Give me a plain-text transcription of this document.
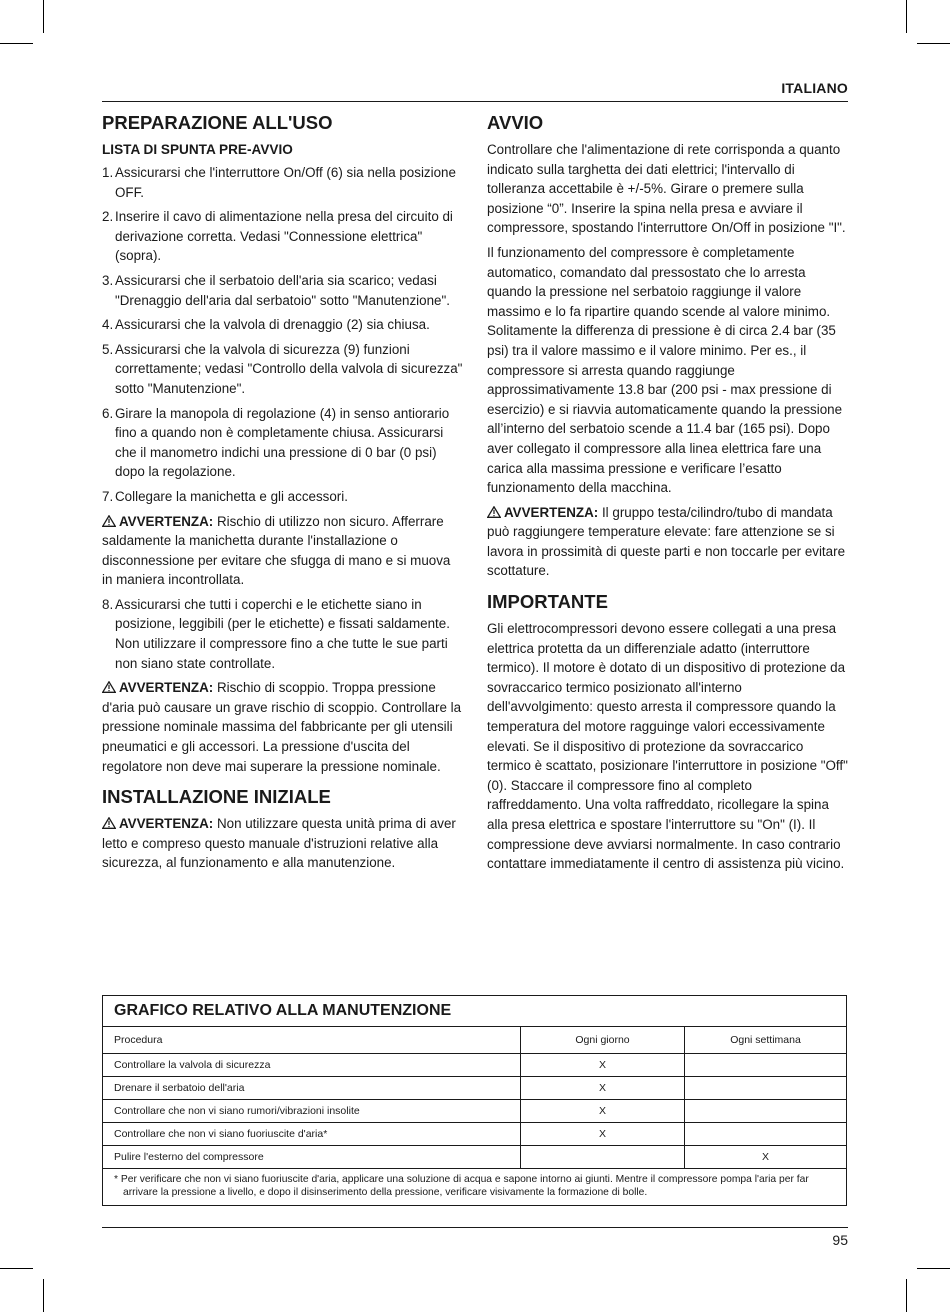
ITALIANO
PREPARAZIONE ALL'USO
LISTA DI SPUNTA PRE-AVVIO
1. Assicurarsi che l'interruttore On/Off (6) sia nella posizione OFF.
2. Inserire il cavo di alimentazione nella presa del circuito di derivazione corretta. Vedasi "Connessione elettrica" (sopra).
3. Assicurarsi che il serbatoio dell'aria sia scarico; vedasi "Drenaggio dell'aria dal serbatoio" sotto "Manutenzione".
4. Assicurarsi che la valvola di drenaggio (2) sia chiusa.
5. Assicurarsi che la valvola di sicurezza (9) funzioni correttamente; vedasi "Controllo della valvola di sicurezza" sotto "Manutenzione".
6. Girare la manopola di regolazione (4) in senso antiorario fino a quando non è completamente chiusa. Assicurarsi che il manometro indichi una pressione di 0 bar (0 psi) dopo la regolazione.
7. Collegare la manichetta e gli accessori.
AVVERTENZA: Rischio di utilizzo non sicuro. Afferrare saldamente la manichetta durante l'installazione o disconnessione per evitare che sfugga di mano e si muova in maniera incontrollata.
8. Assicurarsi che tutti i coperchi e le etichette siano in posizione, leggibili (per le etichette) e fissati saldamente. Non utilizzare il compressore fino a che tutte le sue parti non siano state controllate.
AVVERTENZA: Rischio di scoppio. Troppa pressione d'aria può causare un grave rischio di scoppio. Controllare la pressione nominale massima del fabbricante per gli utensili pneumatici e gli accessori. La pressione d'uscita del regolatore non deve mai superare la pressione nominale.
INSTALLAZIONE INIZIALE
AVVERTENZA: Non utilizzare questa unità prima di aver letto e compreso questo manuale d'istruzioni relative alla sicurezza, al funzionamento e alla manutenzione.
AVVIO

Controllare che l'alimentazione di rete corrisponda a quanto indicato sulla targhetta dei dati elettrici; l'intervallo di tolleranza accettabile è +/-5%. Girare o premere sulla posizione “0”. Inserire la spina nella presa e avviare il compressore, spostando l'interruttore On/Off in posizione "I".

Il funzionamento del compressore è completamente automatico, comandato dal pressostato che lo arresta quando la pressione nel serbatoio raggiunge il valore massimo e lo fa ripartire quando scende al valore minimo. Solitamente la differenza di pressione è di circa 2.4 bar (35 psi) tra il valore massimo e il valore minimo. Per es., il compressore si arresta quando raggiunge approssimativamente 13.8 bar (200 psi - max pressione di esercizio) e si riavvia automaticamente quando la pressione all’interno del serbatoio scende a 11.4 bar (165 psi). Dopo aver collegato il compressore alla linea elettrica fare una carica alla massima pressione e verificare l’esatto funzionamento della macchina.

AVVERTENZA: Il gruppo testa/cilindro/tubo di mandata può raggiungere temperature elevate: fare attenzione se si lavora in prossimità di queste parti e non toccarle per evitare scottature.
IMPORTANTE

Gli elettrocompressori devono essere collegati a una presa elettrica protetta da un differenziale adatto (interruttore termico). Il motore è dotato di un dispositivo di protezione da sovraccarico termico posizionato all'interno dell'avvolgimento: questo arresta il compressore quando la temperatura del motore ragguinge valori eccessivamente elevati. Se il dispositivo di protezione da sovraccarico termico è scattato, posizionare l'interruttore in posizione "Off" (0). Staccare il compressore fino al completo raffreddamento. Una volta raffreddato, ricollegare la spina alla presa elettrica e spostare l'interruttore su "On" (I). Il compressione deve avviarsi normalmente. In caso contrario contattare immediatamente il centro di assistenza più vicino.

GRAFICO RELATIVO ALLA MANUTENZIONE
Procedura	Ogni giorno	Ogni settimana
Controllare la valvola di sicurezza	X	
Drenare il serbatoio dell'aria	X	
Controllare che non vi siano rumori/vibrazioni insolite	X	
Controllare che non vi siano fuoriuscite d'aria*	X	
Pulire l'esterno del compressore		X
* Per verificare che non vi siano fuoriuscite d'aria, applicare una soluzione di acqua e sapone intorno ai giunti. Mentre il compressore pompa l'aria per far arrivare la pressione a livello, e dopo il disinserimento della pressione, verificare visivamente la formazione di bolle.
95
